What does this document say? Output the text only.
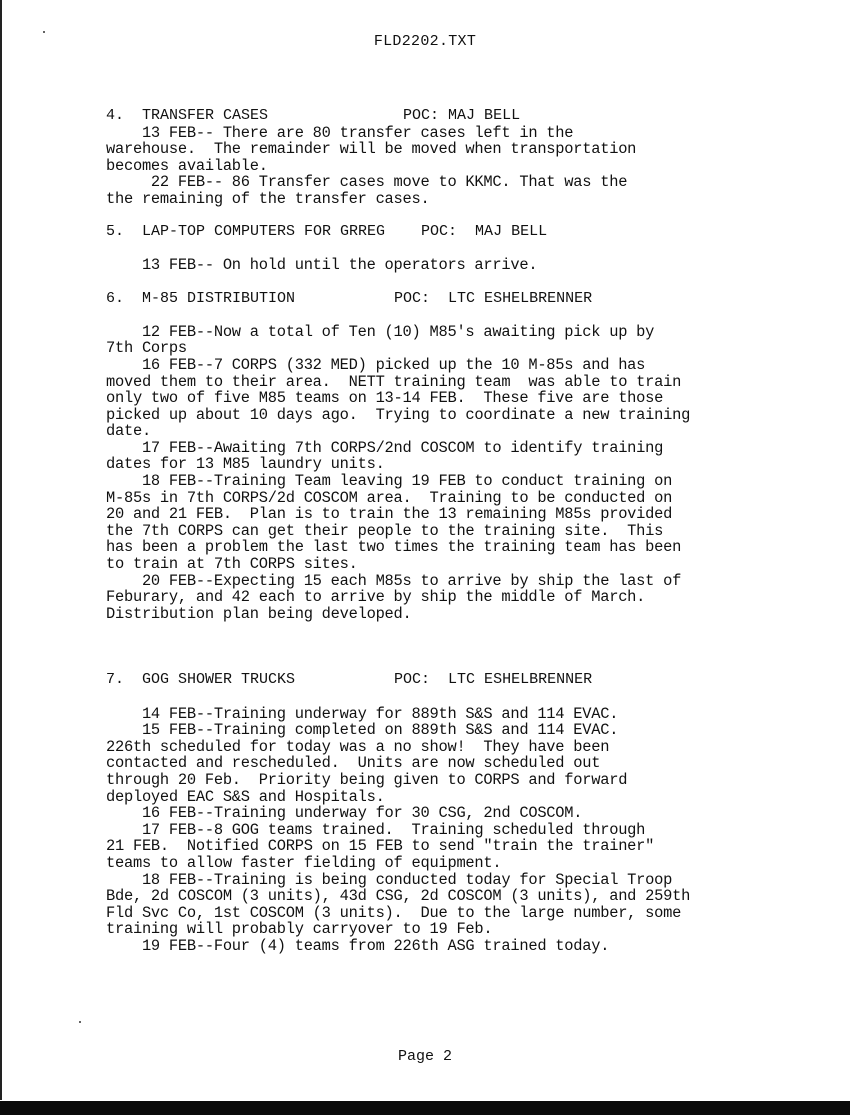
FLD2202.TXT
4.  TRANSFER CASES               POC: MAJ BELL
13 FEB-- There are 80 transfer cases left in the
warehouse.  The remainder will be moved when transportation
becomes available.
22 FEB-- 86 Transfer cases move to KKMC. That was the
the remaining of the transfer cases.
5.  LAP-TOP COMPUTERS FOR GRREG    POC:  MAJ BELL
13 FEB-- On hold until the operators arrive.
6.  M-85 DISTRIBUTION           POC:  LTC ESHELBRENNER
12 FEB--Now a total of Ten (10) M85's awaiting pick up by
7th Corps
16 FEB--7 CORPS (332 MED) picked up the 10 M-85s and has
moved them to their area.  NETT training team  was able to train
only two of five M85 teams on 13-14 FEB.  These five are those
picked up about 10 days ago.  Trying to coordinate a new training
date.
17 FEB--Awaiting 7th CORPS/2nd COSCOM to identify training
dates for 13 M85 laundry units.
18 FEB--Training Team leaving 19 FEB to conduct training on
M-85s in 7th CORPS/2d COSCOM area.  Training to be conducted on
20 and 21 FEB.  Plan is to train the 13 remaining M85s provided
the 7th CORPS can get their people to the training site.  This
has been a problem the last two times the training team has been
to train at 7th CORPS sites.
20 FEB--Expecting 15 each M85s to arrive by ship the last of
Feburary, and 42 each to arrive by ship the middle of March.
Distribution plan being developed.
7.  GOG SHOWER TRUCKS           POC:  LTC ESHELBRENNER
14 FEB--Training underway for 889th S&S and 114 EVAC.
15 FEB--Training completed on 889th S&S and 114 EVAC.
226th scheduled for today was a no show!  They have been
contacted and rescheduled.  Units are now scheduled out
through 20 Feb.  Priority being given to CORPS and forward
deployed EAC S&S and Hospitals.
16 FEB--Training underway for 30 CSG, 2nd COSCOM.
17 FEB--8 GOG teams trained.  Training scheduled through
21 FEB.  Notified CORPS on 15 FEB to send "train the trainer"
teams to allow faster fielding of equipment.
18 FEB--Training is being conducted today for Special Troop
Bde, 2d COSCOM (3 units), 43d CSG, 2d COSCOM (3 units), and 259th
Fld Svc Co, 1st COSCOM (3 units).  Due to the large number, some
training will probably carryover to 19 Feb.
19 FEB--Four (4) teams from 226th ASG trained today.
Page 2
